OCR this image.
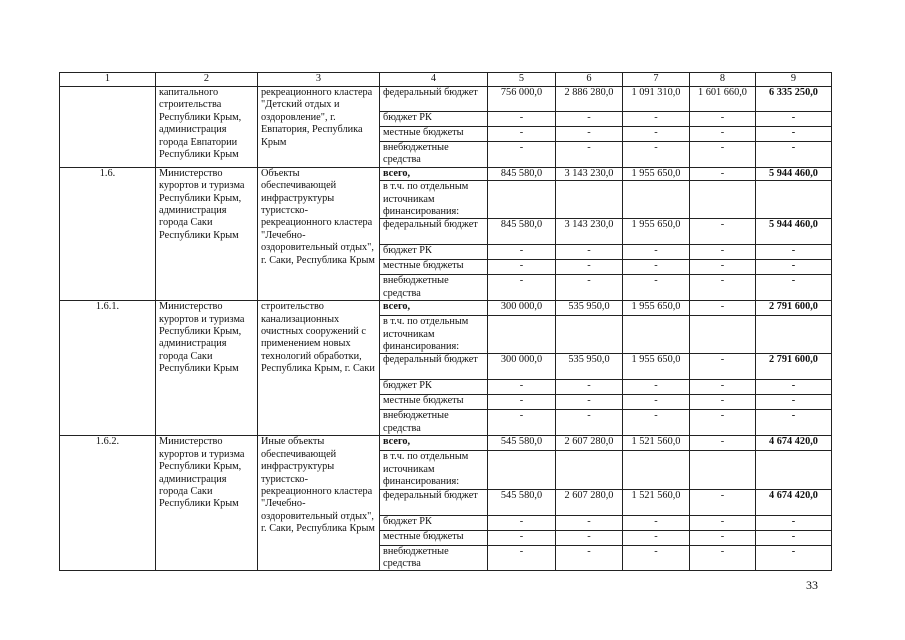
1	2	3	4	5	6	7	8	9
	капитального строительства Республики Крым, администрация города Евпатории Республики Крым	рекреационного кластера "Детский отдых и оздоровление", г. Евпатория, Республика Крым	федеральный бюджет	756 000,0	2 886 280,0	1 091 310,0	1 601 660,0	6 335 250,0
			бюджет РК	-	-	-	-	-
			местные бюджеты	-	-	-	-	-
			внебюджетные средства	-	-	-	-	-
1.6.	Министерство курортов и туризма Республики Крым, администрация города Саки Республики Крым	Объекты обеспечивающей инфраструктуры туристско-рекреационного кластера "Лечебно-оздоровительный отдых", г. Саки, Республика Крым	всего,	845 580,0	3 143 230,0	1 955 650,0	-	5 944 460,0
			в т.ч. по отдельным источникам финансирования:					
			федеральный бюджет	845 580,0	3 143 230,0	1 955 650,0	-	5 944 460,0
			бюджет РК	-	-	-	-	-
			местные бюджеты	-	-	-	-	-
			внебюджетные средства	-	-	-	-	-
1.6.1.	Министерство курортов и туризма Республики Крым, администрация города Саки Республики Крым	строительство канализационных очистных сооружений с применением новых технологий обработки, Республика Крым, г. Саки	всего,	300 000,0	535 950,0	1 955 650,0	-	2 791 600,0
			в т.ч. по отдельным источникам финансирования:					
			федеральный бюджет	300 000,0	535 950,0	1 955 650,0	-	2 791 600,0
			бюджет РК	-	-	-	-	-
			местные бюджеты	-	-	-	-	-
			внебюджетные средства	-	-	-	-	-
1.6.2.	Министерство курортов и туризма Республики Крым, администрация города Саки Республики Крым	Иные объекты обеспечивающей инфраструктуры туристско-рекреационного кластера "Лечебно-оздоровительный отдых", г. Саки, Республика Крым	всего,	545 580,0	2 607 280,0	1 521 560,0	-	4 674 420,0
			в т.ч. по отдельным источникам финансирования:					
			федеральный бюджет	545 580,0	2 607 280,0	1 521 560,0	-	4 674 420,0
			бюджет РК	-	-	-	-	-
			местные бюджеты	-	-	-	-	-
			внебюджетные средства	-	-	-	-	-
33
